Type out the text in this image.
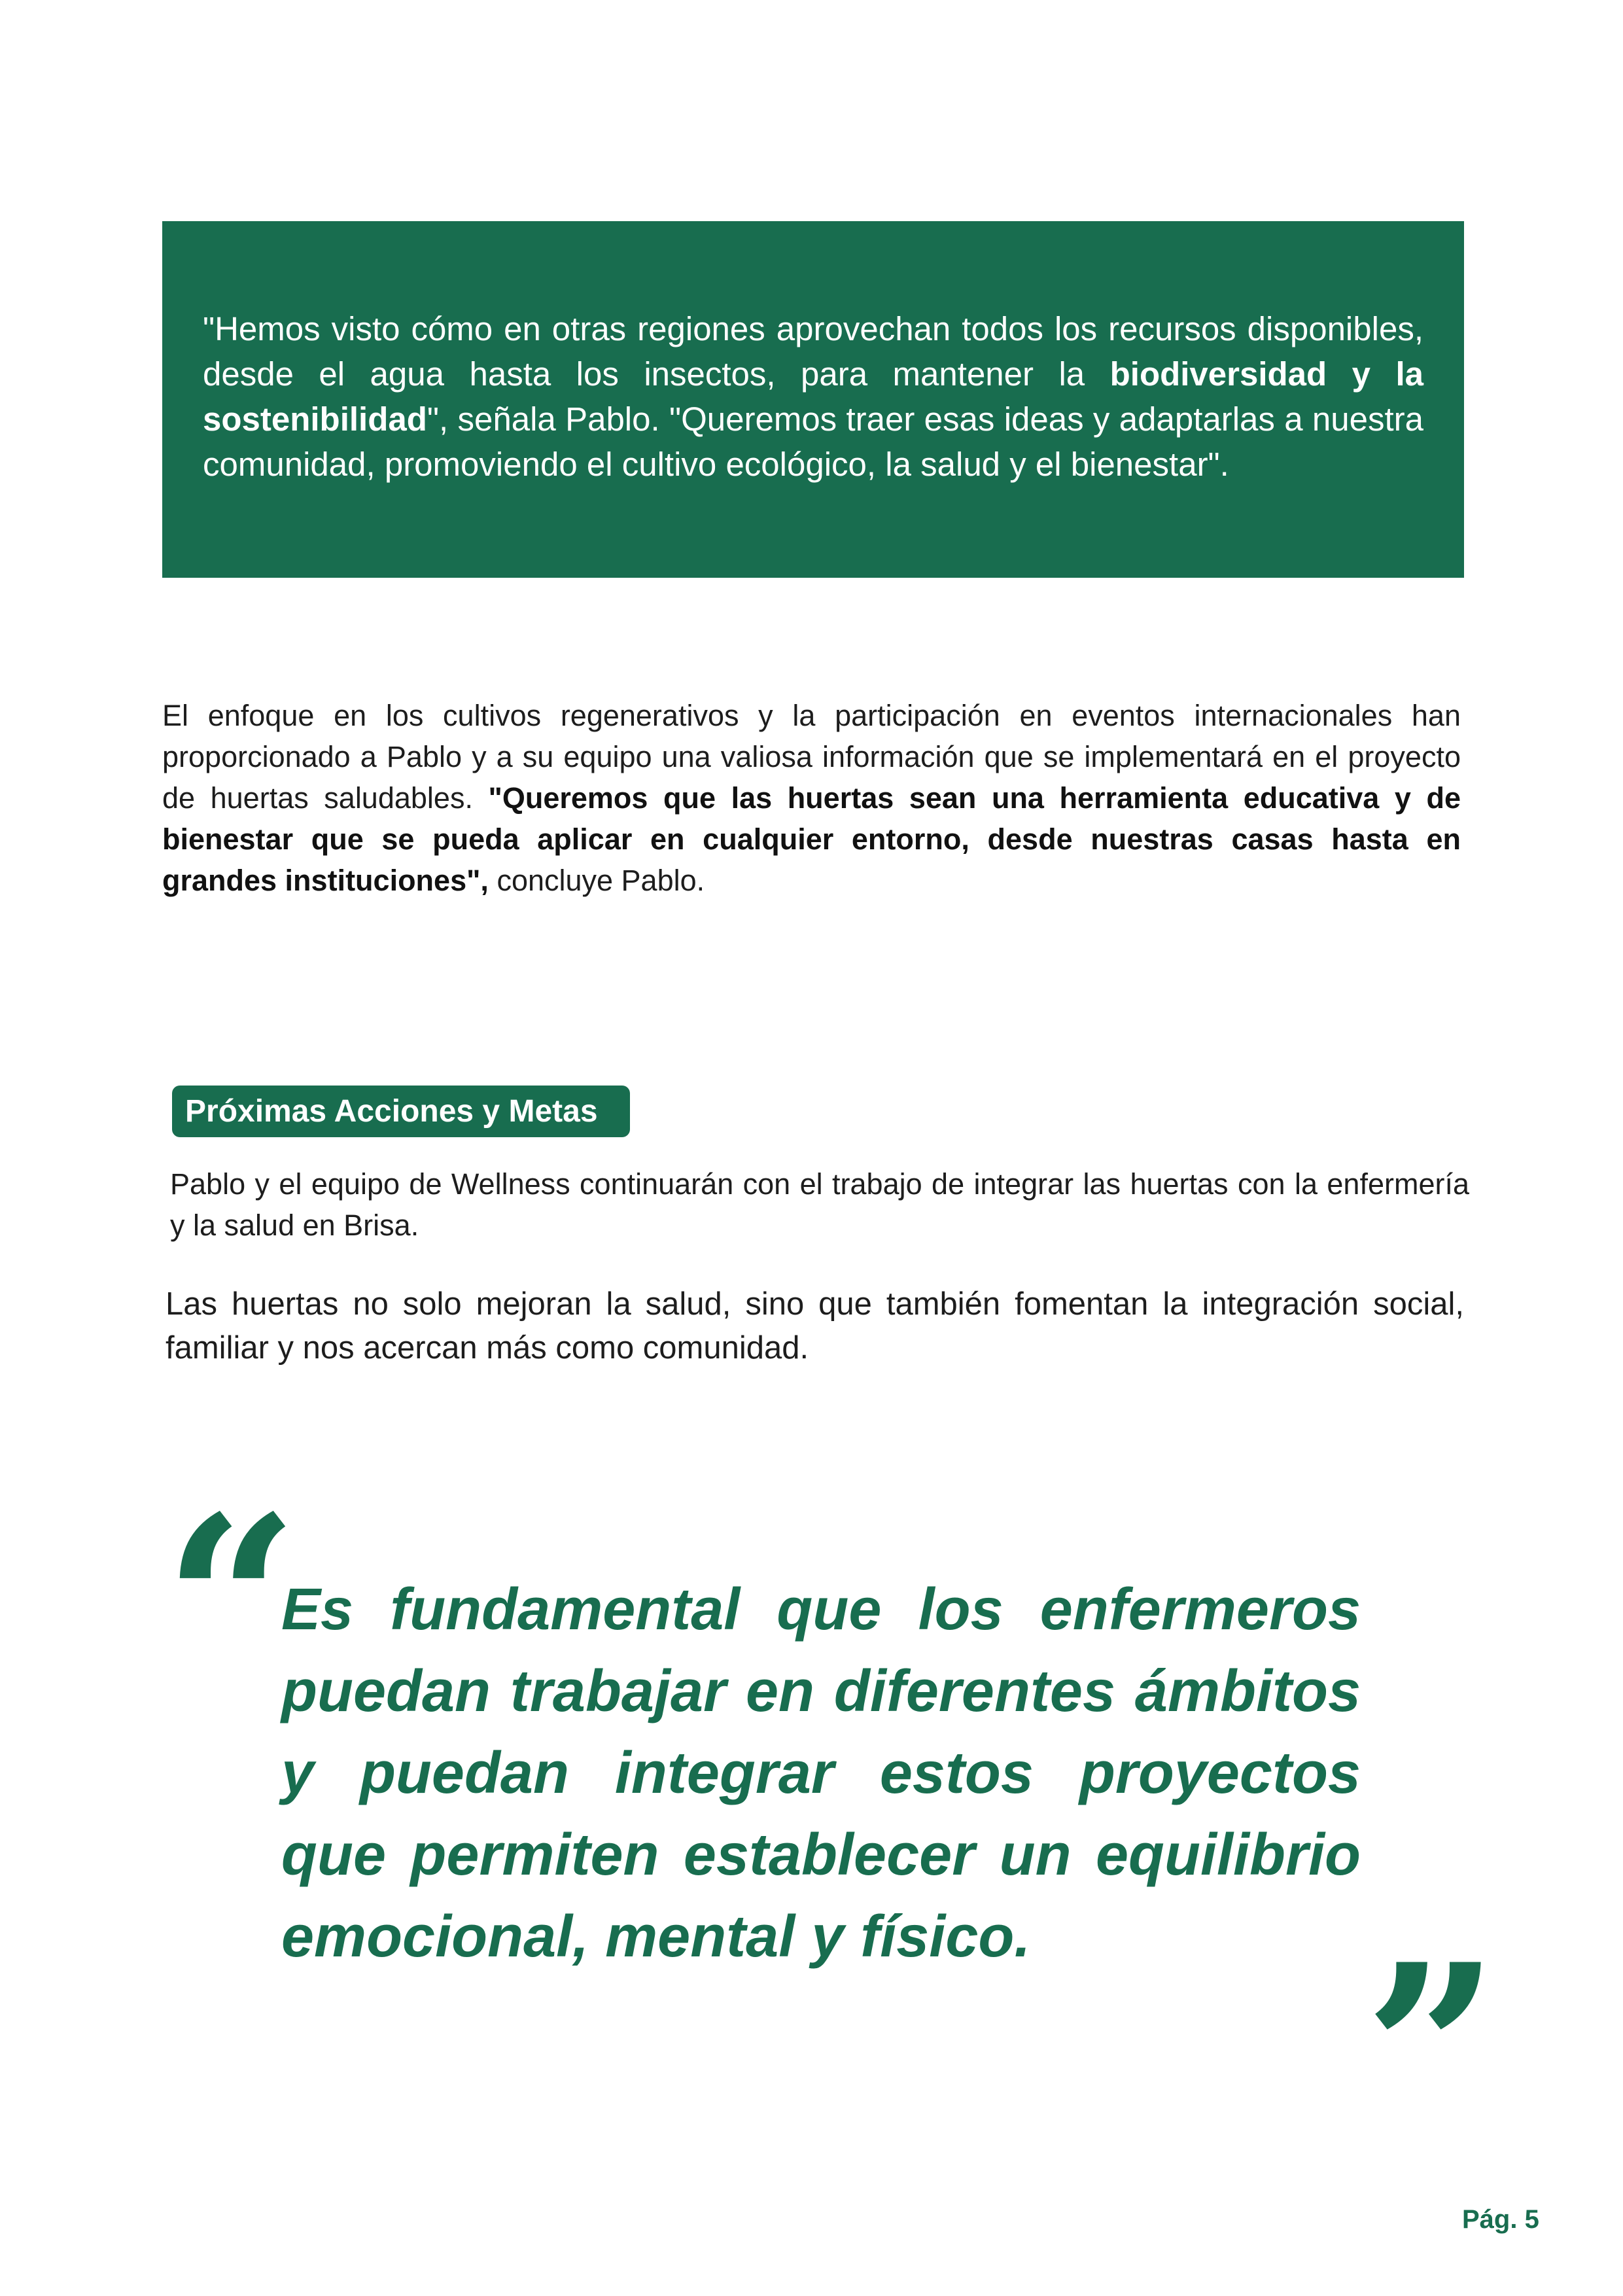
"Hemos visto cómo en otras regiones aprovechan todos los recursos disponibles, desde el agua hasta los insectos, para mantener la biodiversidad y la sostenibilidad", señala Pablo. "Queremos traer esas ideas y adaptarlas a nuestra comunidad, promoviendo el cultivo ecológico, la salud y el bienestar".

El enfoque en los cultivos regenerativos y la participación en eventos internacionales han proporcionado a Pablo y a su equipo una valiosa información que se implementará en el proyecto de huertas saludables. "Queremos que las huertas sean una herramienta educativa y de bienestar que se pueda aplicar en cualquier entorno, desde nuestras casas hasta en grandes instituciones", concluye Pablo.

Próximas Acciones y Metas

Pablo y el equipo de Wellness continuarán con el trabajo de integrar las huertas con la enfermería y la salud en Brisa.

Las huertas no solo mejoran la salud, sino que también fomentan la integración social, familiar y nos acercan más como comunidad.

“

Es fundamental que los enfermeros puedan trabajar en diferentes ámbitos y puedan integrar estos proyectos que permiten establecer un equilibrio emocional, mental y físico.	”
Pág. 5
